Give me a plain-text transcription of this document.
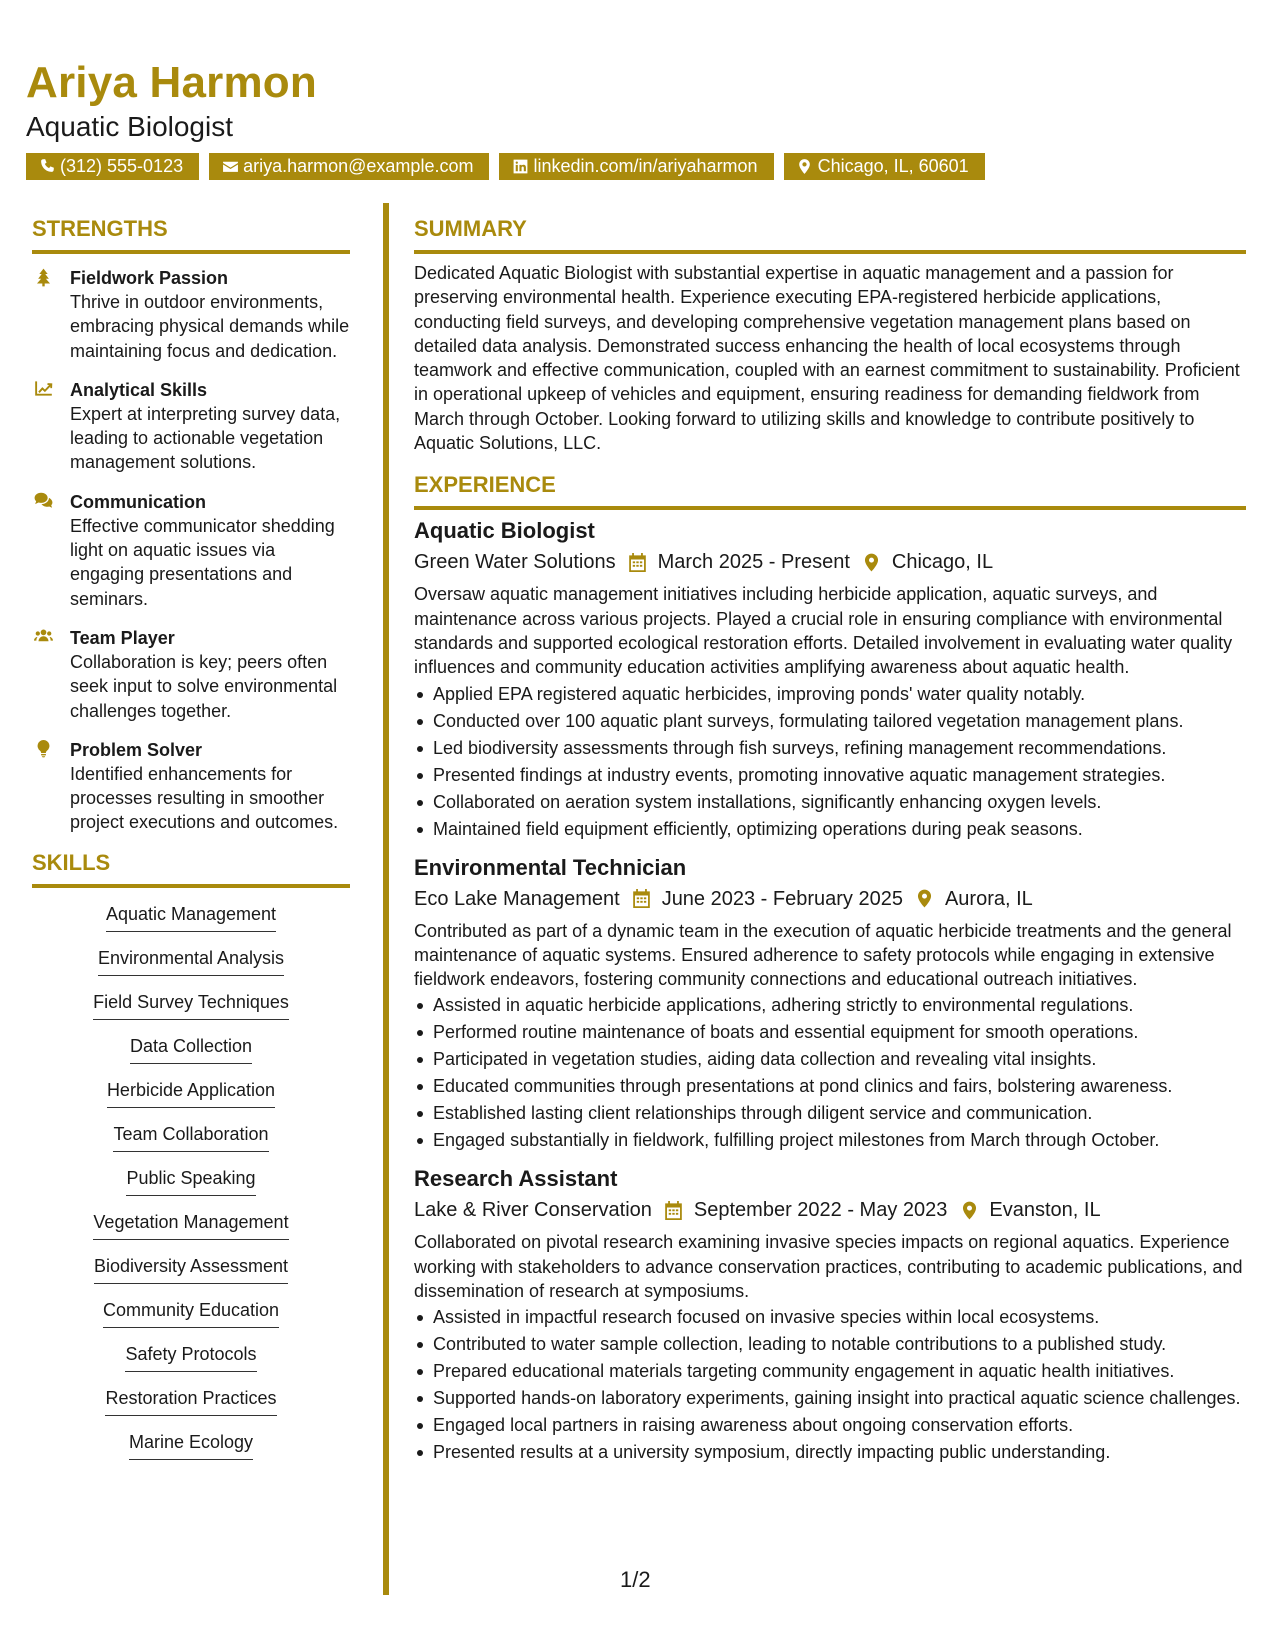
Ariya Harmon
Aquatic Biologist
(312) 555-0123	ariya.harmon@example.com	linkedin.com/in/ariyaharmon	Chicago, IL, 60601
STRENGTHS
Fieldwork Passion
Thrive in outdoor environments, embracing physical demands while maintaining focus and dedication.
Analytical Skills
Expert at interpreting survey data, leading to actionable vegetation management solutions.
Communication
Effective communicator shedding light on aquatic issues via engaging presentations and seminars.
Team Player
Collaboration is key; peers often seek input to solve environmental challenges together.
Problem Solver
Identified enhancements for processes resulting in smoother project executions and outcomes.
SKILLS
Aquatic Management
Environmental Analysis
Field Survey Techniques
Data Collection
Herbicide Application
Team Collaboration
Public Speaking
Vegetation Management
Biodiversity Assessment
Community Education
Safety Protocols
Restoration Practices
Marine Ecology
SUMMARY
Dedicated Aquatic Biologist with substantial expertise in aquatic management and a passion for preserving environmental health. Experience executing EPA-registered herbicide applications, conducting field surveys, and developing comprehensive vegetation management plans based on detailed data analysis. Demonstrated success enhancing the health of local ecosystems through teamwork and effective communication, coupled with an earnest commitment to sustainability. Proficient in operational upkeep of vehicles and equipment, ensuring readiness for demanding fieldwork from March through October. Looking forward to utilizing skills and knowledge to contribute positively to Aquatic Solutions, LLC.
EXPERIENCE
Aquatic Biologist
Green Water Solutions March 2025 - Present Chicago, IL
Oversaw aquatic management initiatives including herbicide application, aquatic surveys, and maintenance across various projects. Played a crucial role in ensuring compliance with environmental standards and supported ecological restoration efforts. Detailed involvement in evaluating water quality influences and community education activities amplifying awareness about aquatic health.
Applied EPA registered aquatic herbicides, improving ponds' water quality notably.
Conducted over 100 aquatic plant surveys, formulating tailored vegetation management plans.
Led biodiversity assessments through fish surveys, refining management recommendations.
Presented findings at industry events, promoting innovative aquatic management strategies.
Collaborated on aeration system installations, significantly enhancing oxygen levels.
Maintained field equipment efficiently, optimizing operations during peak seasons.
Environmental Technician
Eco Lake Management June 2023 - February 2025 Aurora, IL
Contributed as part of a dynamic team in the execution of aquatic herbicide treatments and the general maintenance of aquatic systems. Ensured adherence to safety protocols while engaging in extensive fieldwork endeavors, fostering community connections and educational outreach initiatives.
Assisted in aquatic herbicide applications, adhering strictly to environmental regulations.
Performed routine maintenance of boats and essential equipment for smooth operations.
Participated in vegetation studies, aiding data collection and revealing vital insights.
Educated communities through presentations at pond clinics and fairs, bolstering awareness.
Established lasting client relationships through diligent service and communication.
Engaged substantially in fieldwork, fulfilling project milestones from March through October.
Research Assistant
Lake & River Conservation September 2022 - May 2023 Evanston, IL
Collaborated on pivotal research examining invasive species impacts on regional aquatics. Experience working with stakeholders to advance conservation practices, contributing to academic publications, and dissemination of research at symposiums.
Assisted in impactful research focused on invasive species within local ecosystems.
Contributed to water sample collection, leading to notable contributions to a published study.
Prepared educational materials targeting community engagement in aquatic health initiatives.
Supported hands-on laboratory experiments, gaining insight into practical aquatic science challenges.
Engaged local partners in raising awareness about ongoing conservation efforts.
Presented results at a university symposium, directly impacting public understanding.
1/2
